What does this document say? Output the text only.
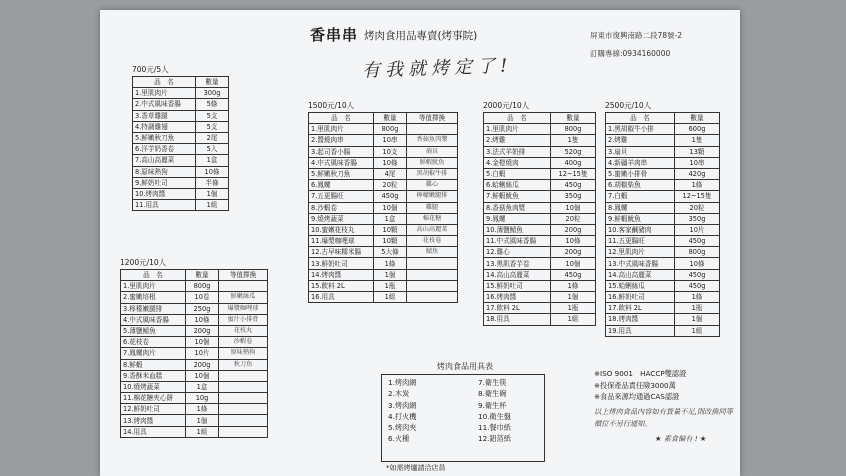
香串串 烤肉食用品專賣(烤事院)	屏東市復興南路二段78號-2
訂購專線:0934160000
有我就烤定了!
700元/5人
品　名	數量
1.里肌肉片	300g
2.中式風味香腸	5條
3.香草雞腿	5支
4.特調雞翅	5支
5.鮮嫩秋刀魚	2尾
6.洋芋奶香卷	5入
7.高山高麗菜	1盒
8.原味熱狗	10條
9.鮮奶吐司	半條
10.烤肉醬	1個
11.用具	1組
1200元/10人
品　名	數量	等值擇換
1.里肌肉片	800g	
2.蜜嫩培根	10卷	鮮嫩絲瓜
3.檸檬嫩腿排	250g	爆漿咖哩球
4.中式風味香腸	10條	蜜汁小排骨
5.薄鹽鯖魚	200g	花枝丸
6.花枝卷	10個	沙蝦卷
7.鳳螺肉片	10片	原味熱狗
8.鮮蝦	200g	秋刀魚
9.香酥米血糕	10個	
10.燒烤蔬菜	1盒	
11.棉花糖夾心餅	10g	
12.鮮奶吐司	1條	
13.烤肉醬	1個	
14.用具	1組	
1500元/10人
品　名	數量	等值擇換
1.里肌肉片	800g	
2.醬燒肉串	10串	香菇魚肉漿
3.起司香小腸	10支	扇貝
4.中式風味香腸	10條	鮮蝦魷魚
5.鮮嫩秋刀魚	4尾	黑胡椒牛排
6.鳳螺	20粒	雞心
7.五更腸旺	450g	檸檬嫩腿排
8.沙蝦卷	10個	雞腿
9.燒烤蔬菜	1盒	棉花糖
10.蜜嫩花枝丸	10顆	高山高麗菜
11.爆漿咖哩球	10顆	花枝卷
12.古早味糯米腸	5大條	鯖魚
13.鮮奶吐司	1條	
14.烤肉醬	1個	
15.飲料 2L	1瓶	
16.用具	1組	
2000元/10人
品　名	數量
1.里肌肉片	800g
2.烤雞	1隻
3.法式羊奶排	520g
4.金橙燒肉	400g
5.白蝦	12~15隻
6.蛤蜊絲瓜	450g
7.鮮蝦魷魚	350g
8.香菇魚肉漿	10個
9.鳳螺	20粒
10.薄鹽鯖魚	200g
11.中式風味香腸	10條
12.雞心	200g
13.黑肌香芋卷	10個
14.高山高麗菜	450g
15.鮮奶吐司	1條
16.烤肉醬	1個
17.飲料 2L	1瓶
18.用具	1組
2500元/10人
品　名	數量
1.黑胡椒牛小排	600g
2.烤雞	1隻
3.扇貝	13顆
4.新疆羊肉串	10串
5.蜜嫩小排骨	420g
6.胡椒柴魚	1條
7.白蝦	12~15隻
8.鳳螺	20粒
9.鮮蝦魷魚	350g
10.客家鹹豬肉	10片
11.五更腸旺	450g
12.里肌肉片	800g
13.中式風味香腸	10條
14.高山高麗菜	450g
15.蛤蜊絲瓜	450g
16.鮮奶吐司	1條
17.飲料 2L	1瓶
18.烤肉醬	1個
19.用具	1組
烤肉食品用具表
1.烤肉網
2.木炭
3.烤肉網
4.打火機
5.烤肉夾
6.火種
7.衛生筷
8.衛生碗
9.衛生杯
10.衛生盤
11.餐巾紙
12.鋁箔紙
*如需烤爐請洽店員
※ISO 9001　HACCP雙認證
※投保產品責任險3000萬
※食品來源均通過CAS認證
以上烤肉食品內容如有貨量不足,則改換同等價位不另行通知。
★ 素食偏有 ! ★
